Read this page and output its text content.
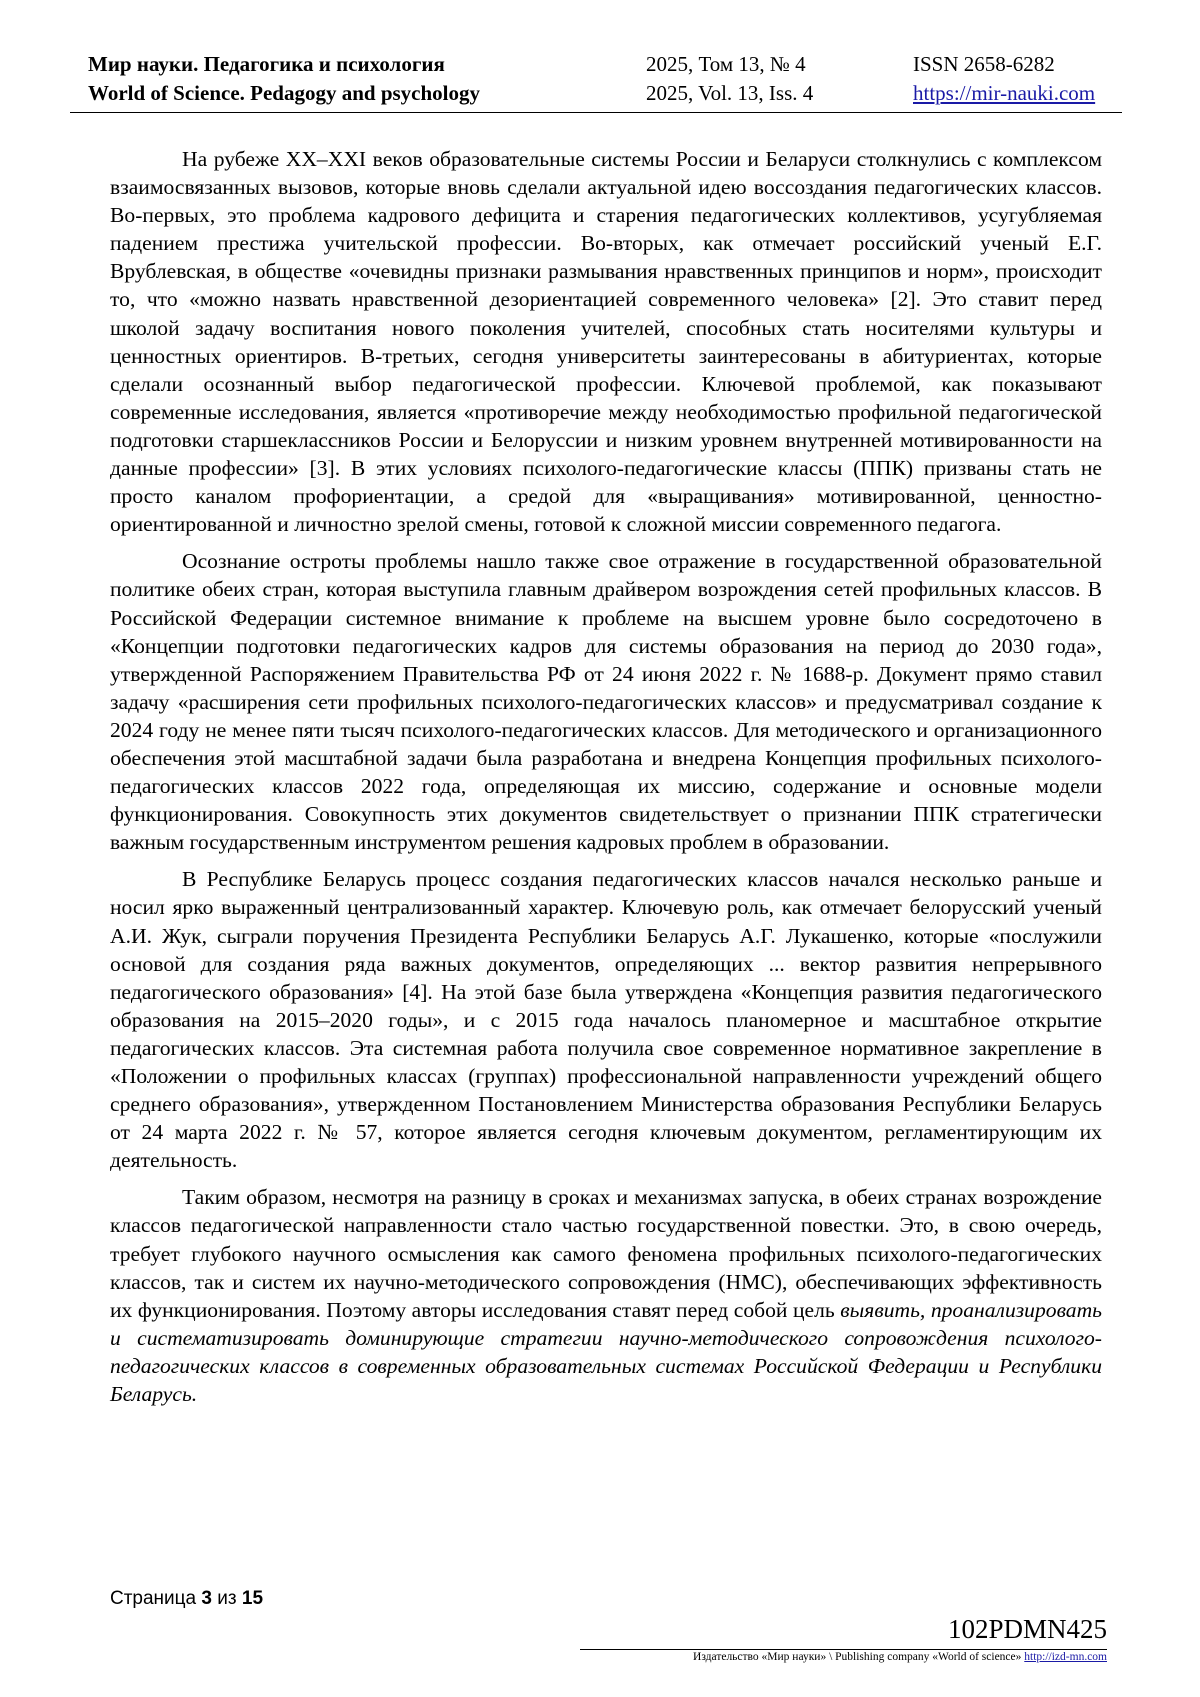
Мир науки. Педагогика и психология
World of Science. Pedagogy and psychology
2025, Том 13, № 4
2025, Vol. 13, Iss. 4
ISSN 2658-6282
https://mir-nauki.com

На рубеже XX–XXI веков образовательные системы России и Беларуси столкнулись с комплексом взаимосвязанных вызовов, которые вновь сделали актуальной идею воссоздания педагогических классов. Во-первых, это проблема кадрового дефицита и старения педагогических коллективов, усугубляемая падением престижа учительской профессии. Во-вторых, как отмечает российский ученый Е.Г. Врублевская, в обществе «очевидны признаки размывания нравственных принципов и норм», происходит то, что «можно назвать нравственной дезориентацией современного человека» [2]. Это ставит перед школой задачу воспитания нового поколения учителей, способных стать носителями культуры и ценностных ориентиров. В-третьих, сегодня университеты заинтересованы в абитуриентах, которые сделали осознанный выбор педагогической профессии. Ключевой проблемой, как показывают современные исследования, является «противоречие между необходимостью профильной педагогической подготовки старшеклассников России и Белоруссии и низким уровнем внутренней мотивированности на данные профессии» [3]. В этих условиях психолого-педагогические классы (ППК) призваны стать не просто каналом профориентации, а средой для «выращивания» мотивированной, ценностно-ориентированной и личностно зрелой смены, готовой к сложной миссии современного педагога.

Осознание остроты проблемы нашло также свое отражение в государственной образовательной политике обеих стран, которая выступила главным драйвером возрождения сетей профильных классов. В Российской Федерации системное внимание к проблеме на высшем уровне было сосредоточено в «Концепции подготовки педагогических кадров для системы образования на период до 2030 года», утвержденной Распоряжением Правительства РФ от 24 июня 2022 г. № 1688-р. Документ прямо ставил задачу «расширения сети профильных психолого-педагогических классов» и предусматривал создание к 2024 году не менее пяти тысяч психолого-педагогических классов. Для методического и организационного обеспечения этой масштабной задачи была разработана и внедрена Концепция профильных психолого-педагогических классов 2022 года, определяющая их миссию, содержание и основные модели функционирования. Совокупность этих документов свидетельствует о признании ППК стратегически важным государственным инструментом решения кадровых проблем в образовании.

В Республике Беларусь процесс создания педагогических классов начался несколько раньше и носил ярко выраженный централизованный характер. Ключевую роль, как отмечает белорусский ученый А.И. Жук, сыграли поручения Президента Республики Беларусь А.Г. Лукашенко, которые «послужили основой для создания ряда важных документов, определяющих ... вектор развития непрерывного педагогического образования» [4]. На этой базе была утверждена «Концепция развития педагогического образования на 2015–2020 годы», и с 2015 года началось планомерное и масштабное открытие педагогических классов. Эта системная работа получила свое современное нормативное закрепление в «Положении о профильных классах (группах) профессиональной направленности учреждений общего среднего образования», утвержденном Постановлением Министерства образования Республики Беларусь от 24 марта 2022 г. № 57, которое является сегодня ключевым документом, регламентирующим их деятельность.

Таким образом, несмотря на разницу в сроках и механизмах запуска, в обеих странах возрождение классов педагогической направленности стало частью государственной повестки. Это, в свою очередь, требует глубокого научного осмысления как самого феномена профильных психолого-педагогических классов, так и систем их научно-методического сопровождения (НМС), обеспечивающих эффективность их функционирования. Поэтому авторы исследования ставят перед собой цель выявить, проанализировать и систематизировать доминирующие стратегии научно-методического сопровождения психолого-педагогических классов в современных образовательных системах Российской Федерации и Республики Беларусь.

Страница 3 из 15
102PDMN425
Издательство «Мир науки» \ Publishing company «World of science» http://izd-mn.com
